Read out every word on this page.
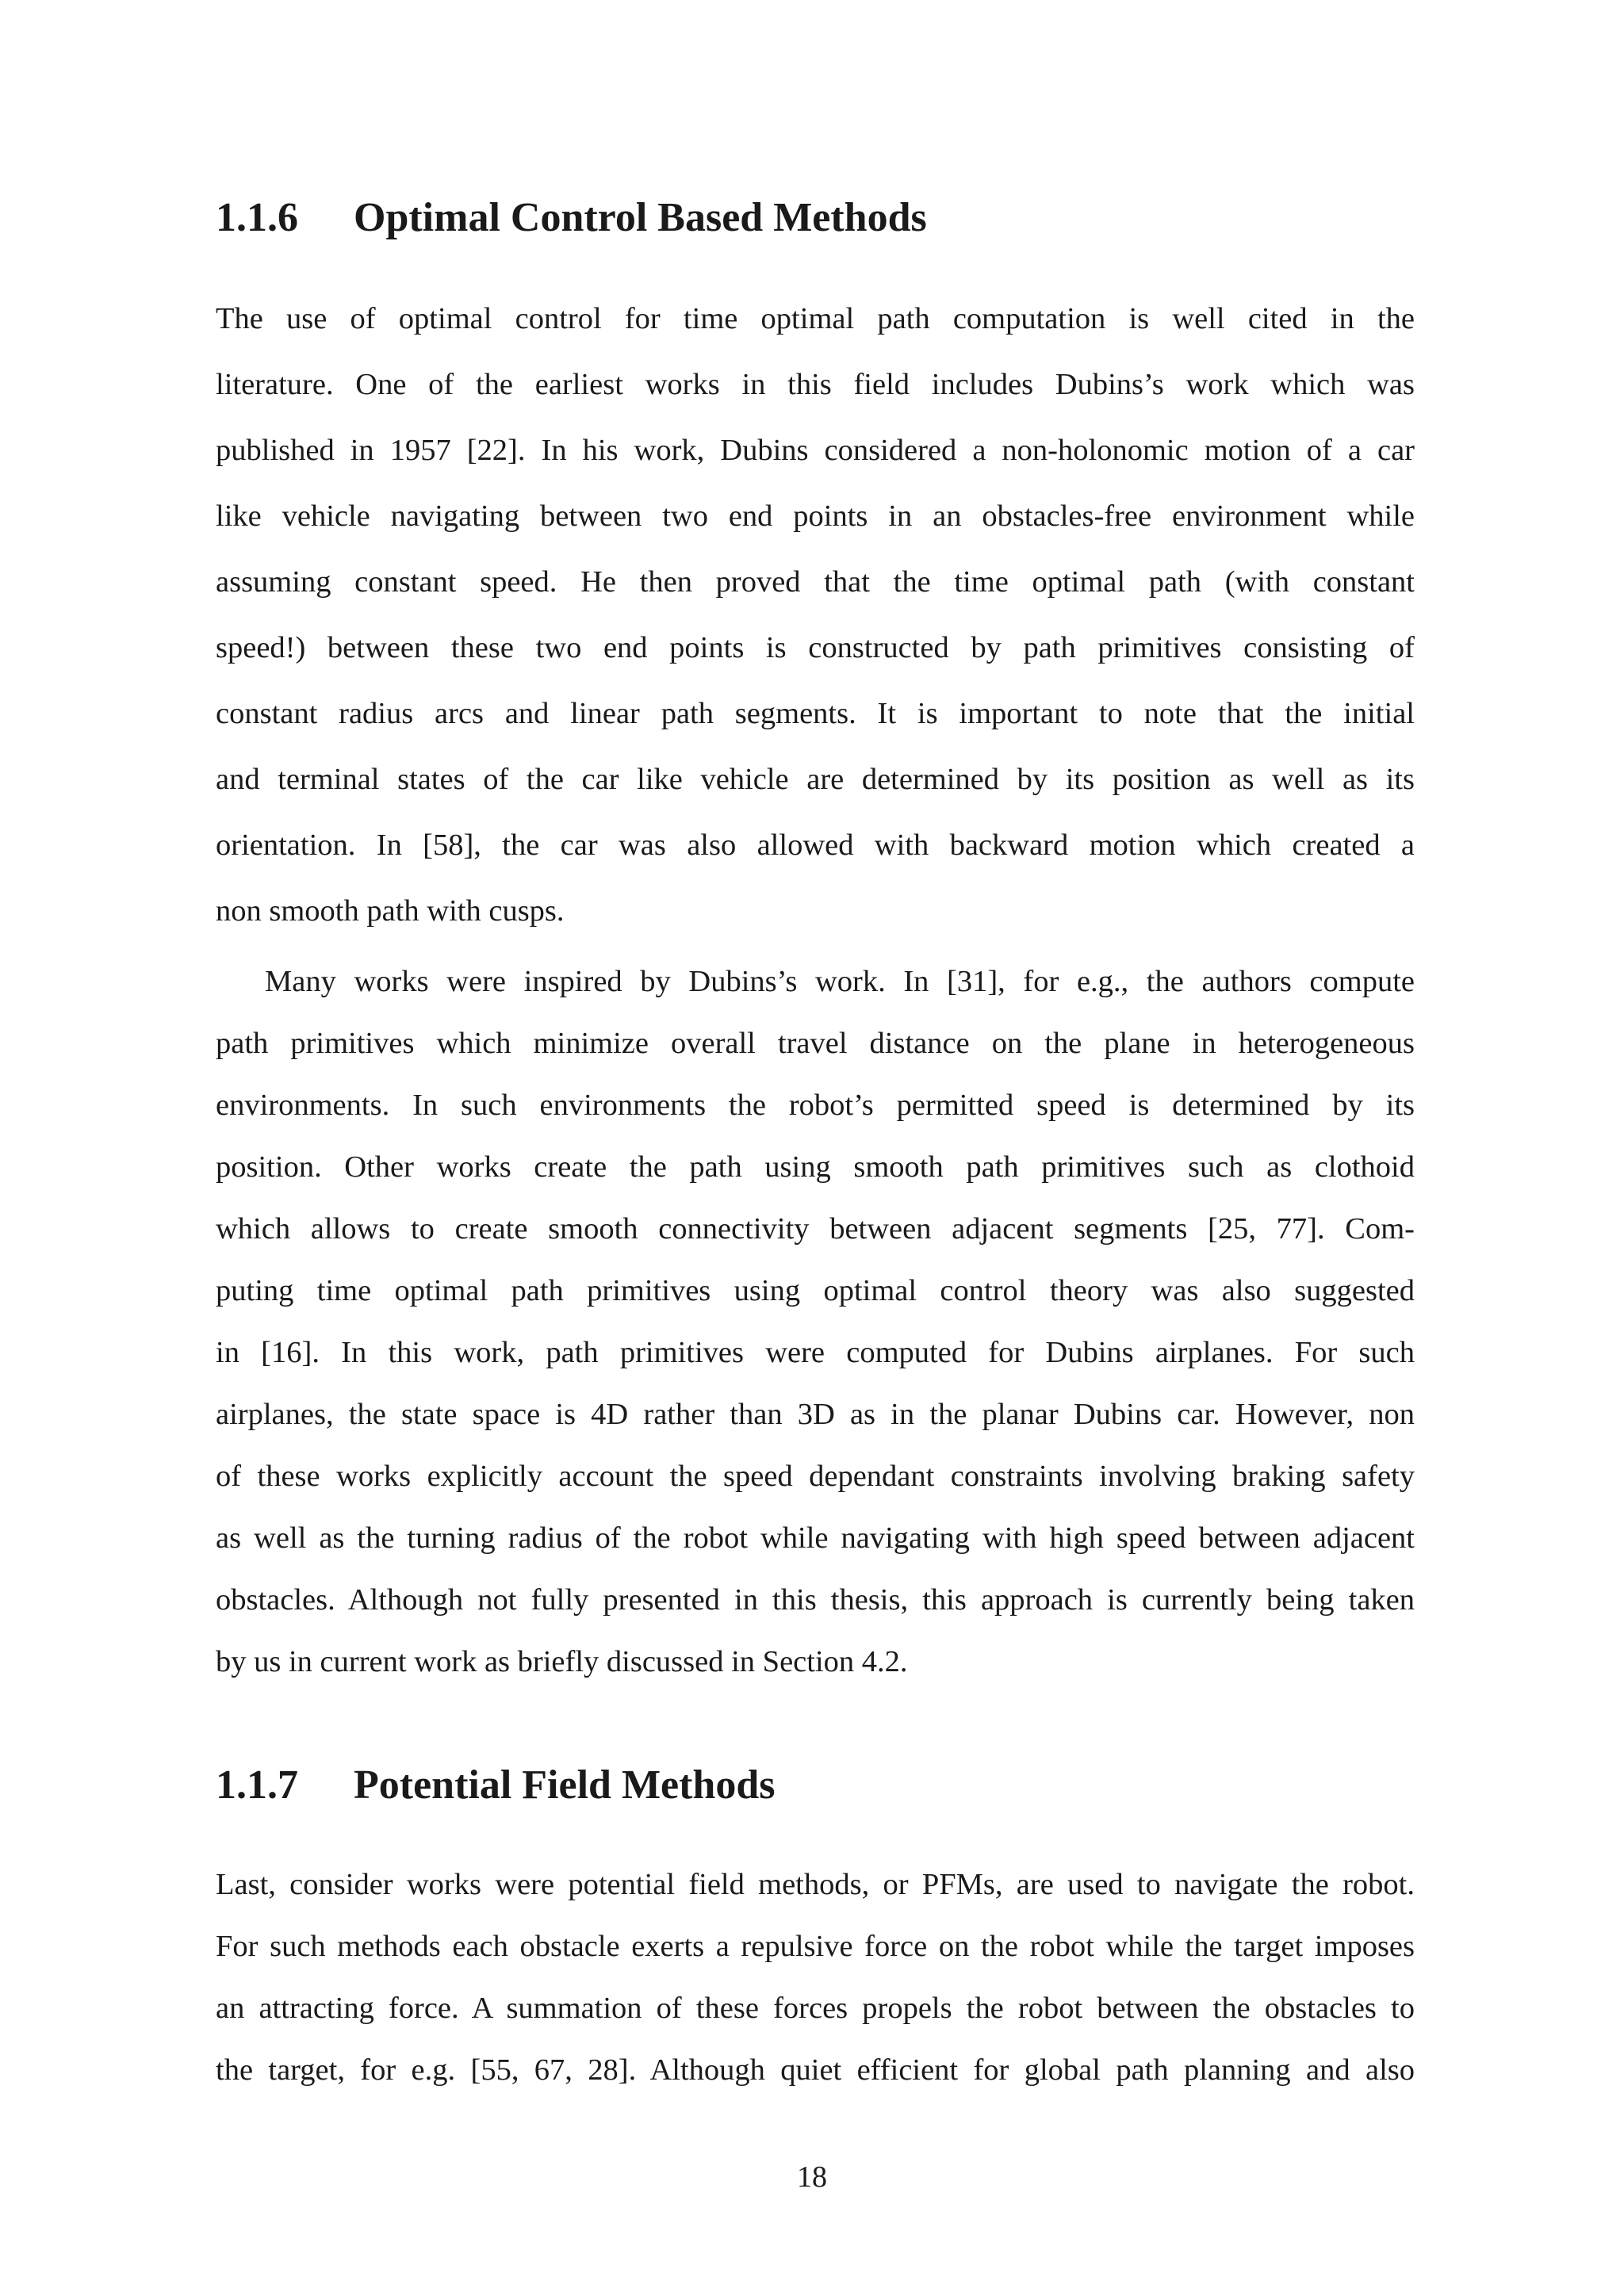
1.1.6 Optimal Control Based Methods

The use of optimal control for time optimal path computation is well cited in the

literature. One of the earliest works in this field includes Dubins’s work which was

published in 1957 [22]. In his work, Dubins considered a non-holonomic motion of a car

like vehicle navigating between two end points in an obstacles-free environment while

assuming constant speed. He then proved that the time optimal path (with constant

speed!) between these two end points is constructed by path primitives consisting of

constant radius arcs and linear path segments. It is important to note that the initial

and terminal states of the car like vehicle are determined by its position as well as its

orientation. In [58], the car was also allowed with backward motion which created a

non smooth path with cusps.

Many works were inspired by Dubins’s work. In [31], for e.g., the authors compute

path primitives which minimize overall travel distance on the plane in heterogeneous

environments. In such environments the robot’s permitted speed is determined by its

position. Other works create the path using smooth path primitives such as clothoid

which allows to create smooth connectivity between adjacent segments [25, 77]. Com-

puting time optimal path primitives using optimal control theory was also suggested

in [16]. In this work, path primitives were computed for Dubins airplanes. For such

airplanes, the state space is 4D rather than 3D as in the planar Dubins car. However, non

of these works explicitly account the speed dependant constraints involving braking safety

as well as the turning radius of the robot while navigating with high speed between adjacent

obstacles. Although not fully presented in this thesis, this approach is currently being taken

by us in current work as briefly discussed in Section 4.2.

1.1.7 Potential Field Methods

Last, consider works were potential field methods, or PFMs, are used to navigate the robot.

For such methods each obstacle exerts a repulsive force on the robot while the target imposes

an attracting force. A summation of these forces propels the robot between the obstacles to

the target, for e.g. [55, 67, 28]. Although quiet efficient for global path planning and also

18
